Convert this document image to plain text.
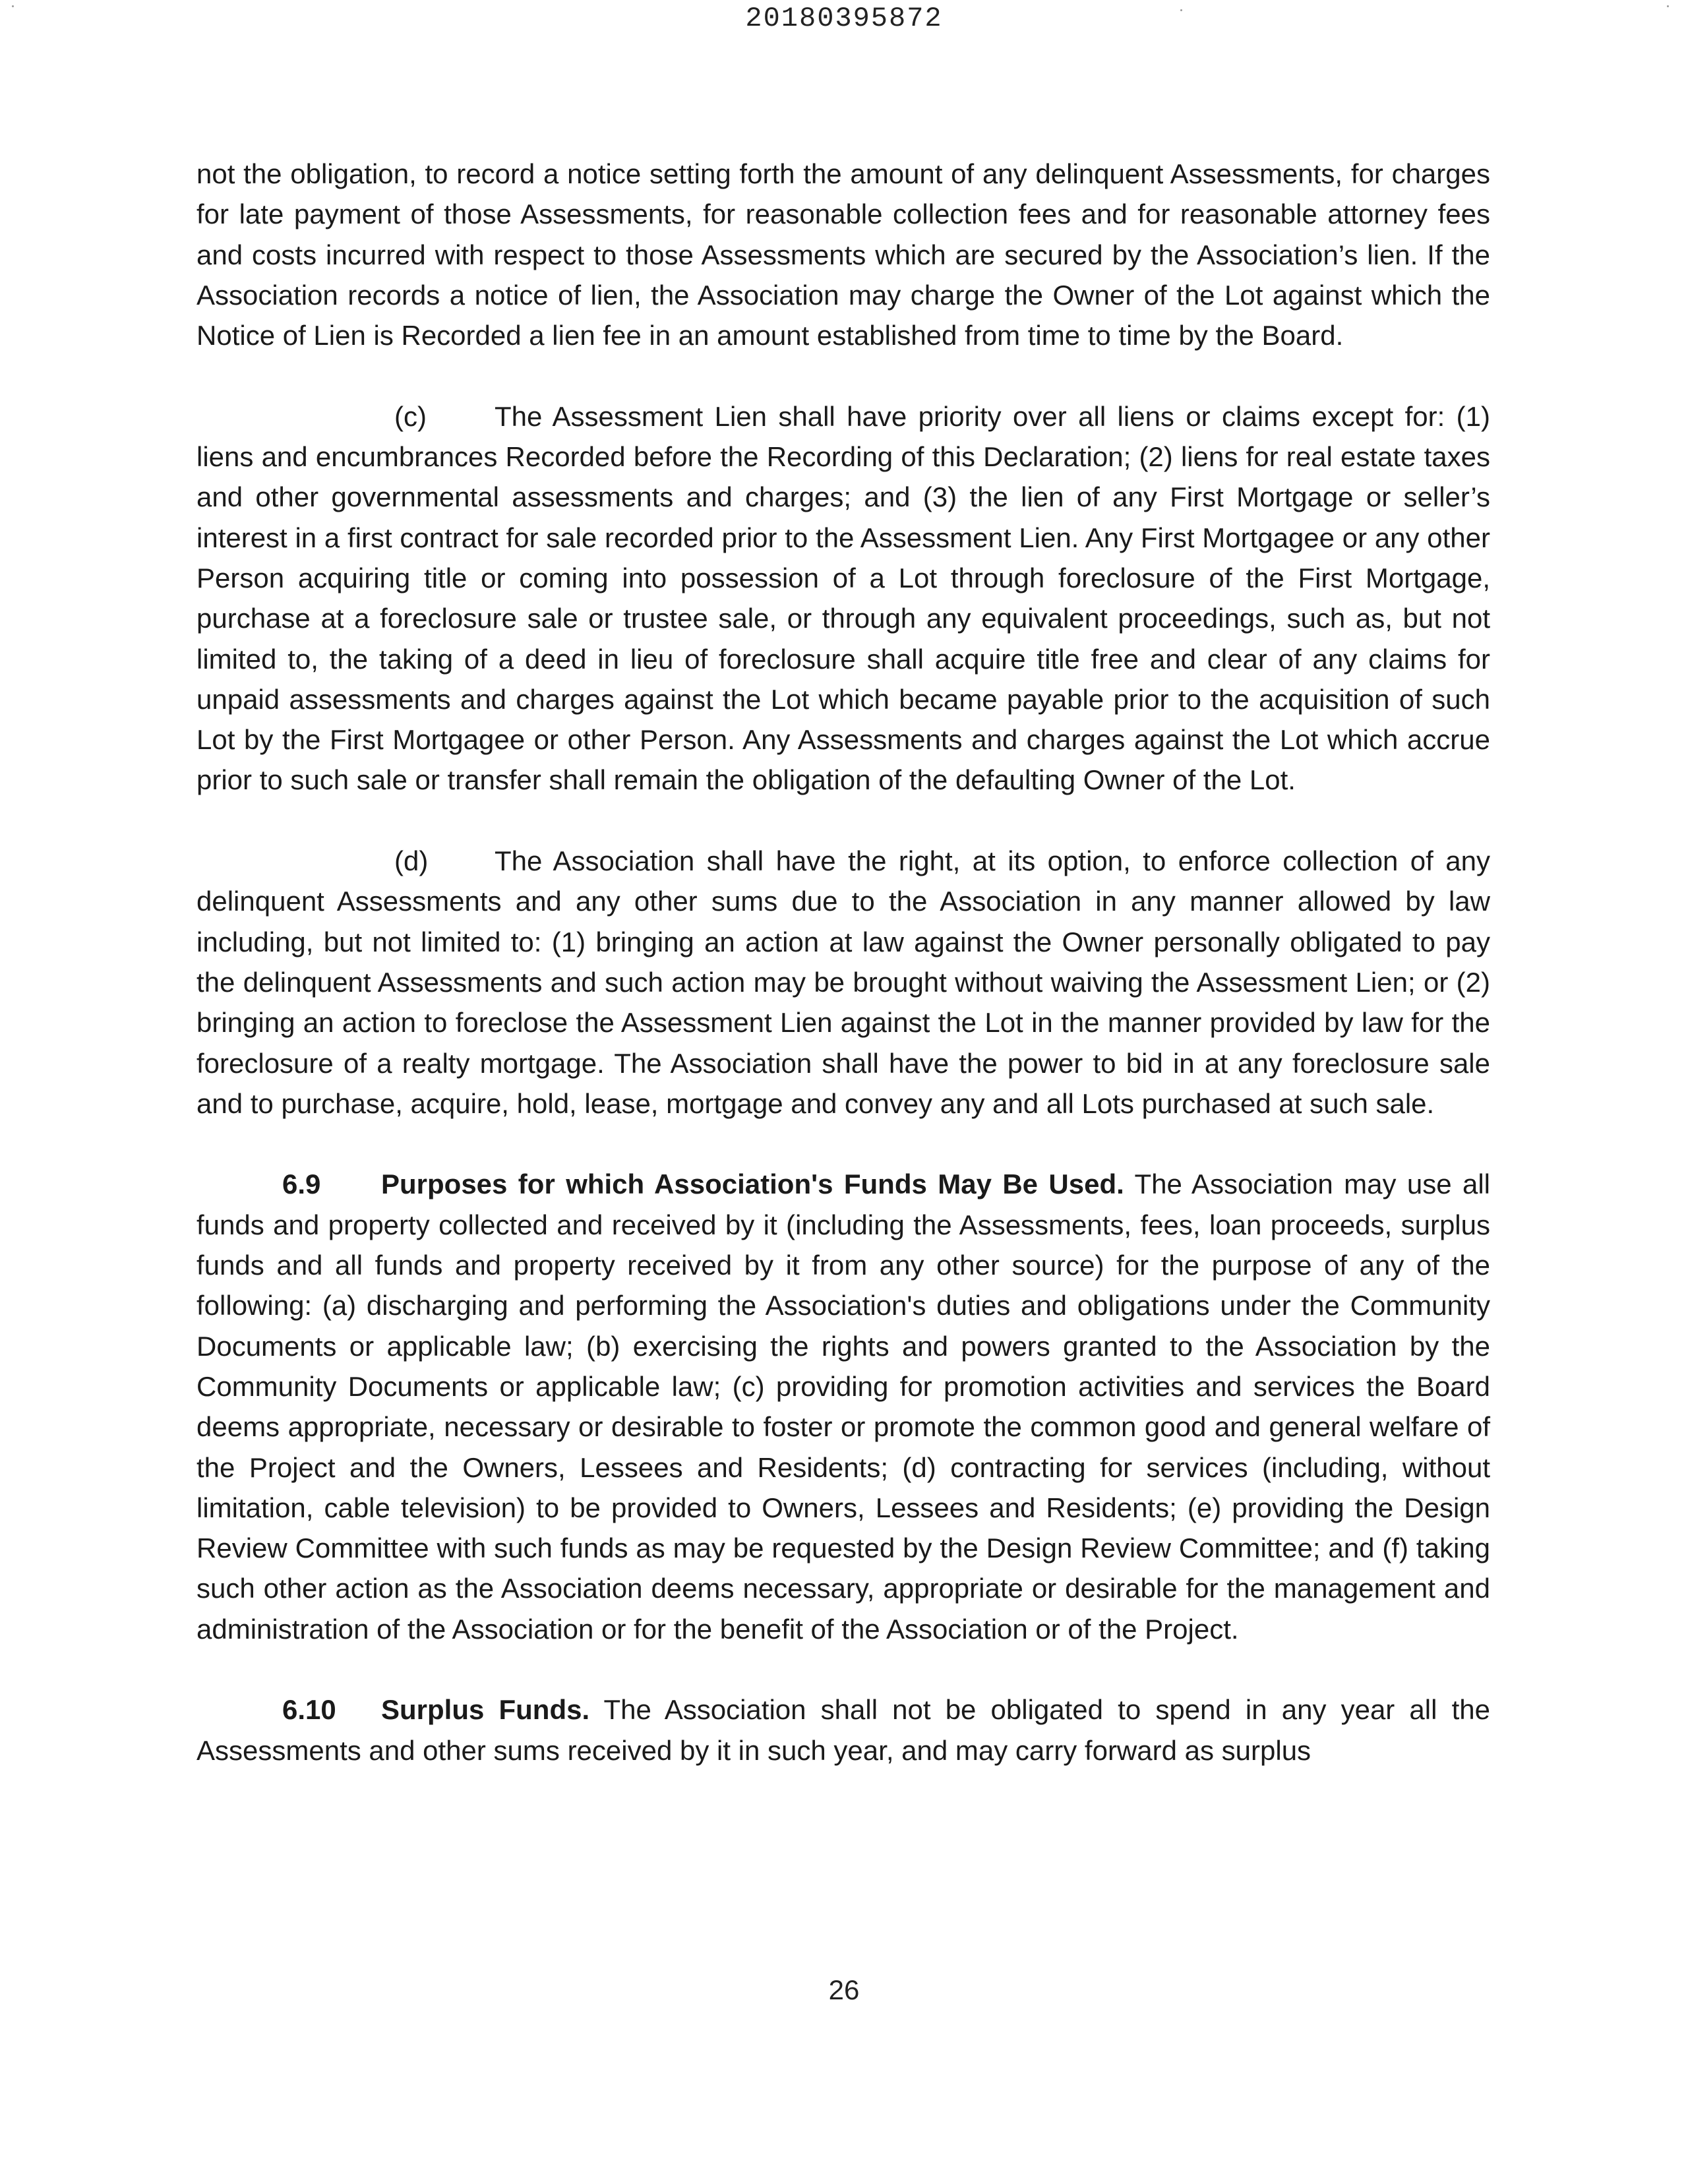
20180395872

not the obligation, to record a notice setting forth the amount of any delinquent Assessments, for charges for late payment of those Assessments, for reasonable collection fees and for reasonable attorney fees and costs incurred with respect to those Assessments which are secured by the Association’s lien. If the Association records a notice of lien, the Association may charge the Owner of the Lot against which the Notice of Lien is Recorded a lien fee in an amount established from time to time by the Board.

(c) The Assessment Lien shall have priority over all liens or claims except for: (1) liens and encumbrances Recorded before the Recording of this Declaration; (2) liens for real estate taxes and other governmental assessments and charges; and (3) the lien of any First Mortgage or seller’s interest in a first contract for sale recorded prior to the Assessment Lien. Any First Mortgagee or any other Person acquiring title or coming into possession of a Lot through foreclosure of the First Mortgage, purchase at a foreclosure sale or trustee sale, or through any equivalent proceedings, such as, but not limited to, the taking of a deed in lieu of foreclosure shall acquire title free and clear of any claims for unpaid assessments and charges against the Lot which became payable prior to the acquisition of such Lot by the First Mortgagee or other Person. Any Assessments and charges against the Lot which accrue prior to such sale or transfer shall remain the obligation of the defaulting Owner of the Lot.

(d) The Association shall have the right, at its option, to enforce collection of any delinquent Assessments and any other sums due to the Association in any manner allowed by law including, but not limited to: (1) bringing an action at law against the Owner personally obligated to pay the delinquent Assessments and such action may be brought without waiving the Assessment Lien; or (2) bringing an action to foreclose the Assessment Lien against the Lot in the manner provided by law for the foreclosure of a realty mortgage. The Association shall have the power to bid in at any foreclosure sale and to purchase, acquire, hold, lease, mortgage and convey any and all Lots purchased at such sale.

6.9 Purposes for which Association's Funds May Be Used. The Association may use all funds and property collected and received by it (including the Assessments, fees, loan proceeds, surplus funds and all funds and property received by it from any other source) for the purpose of any of the following: (a) discharging and performing the Association's duties and obligations under the Community Documents or applicable law; (b) exercising the rights and powers granted to the Association by the Community Documents or applicable law; (c) providing for promotion activities and services the Board deems appropriate, necessary or desirable to foster or promote the common good and general welfare of the Project and the Owners, Lessees and Residents; (d) contracting for services (including, without limitation, cable television) to be provided to Owners, Lessees and Residents; (e) providing the Design Review Committee with such funds as may be requested by the Design Review Committee; and (f) taking such other action as the Association deems necessary, appropriate or desirable for the management and administration of the Association or for the benefit of the Association or of the Project.

6.10 Surplus Funds. The Association shall not be obligated to spend in any year all the Assessments and other sums received by it in such year, and may carry forward as surplus

26
